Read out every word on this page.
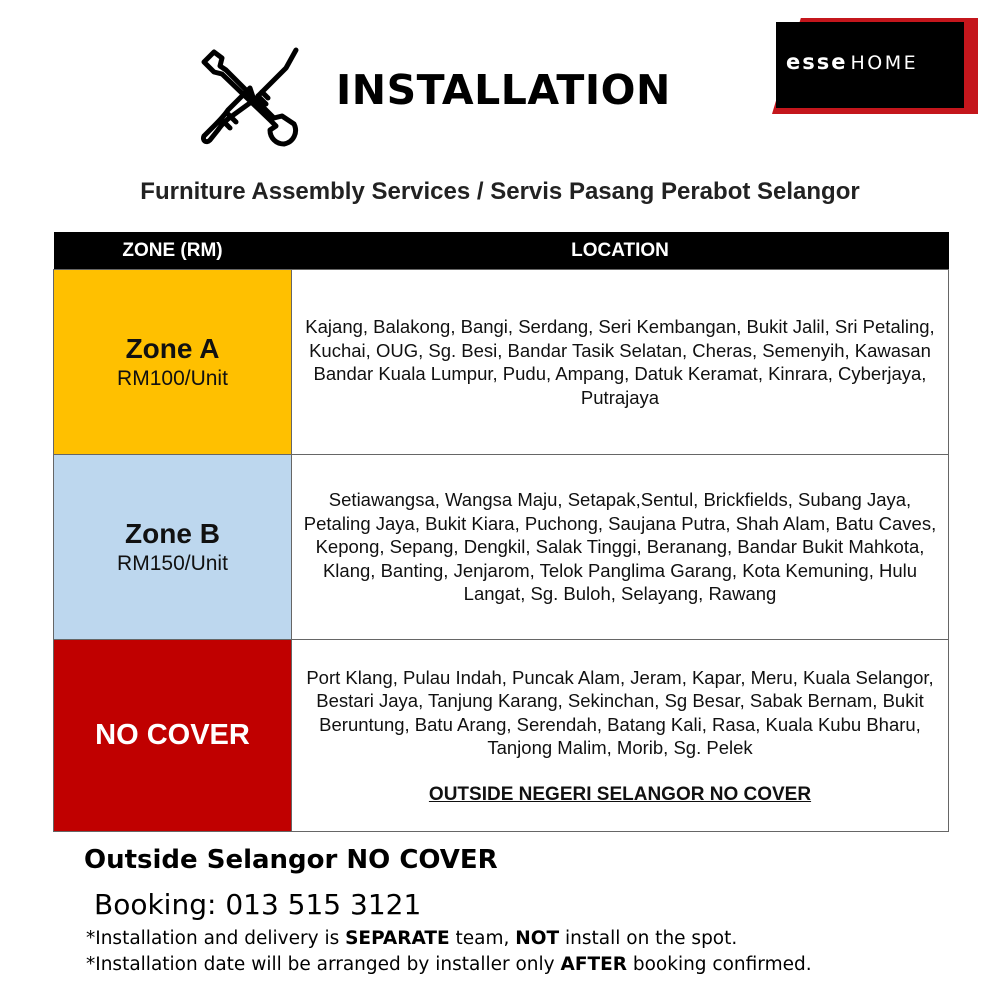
INSTALLATION
esse HOME
Furniture Assembly Services / Servis Pasang Perabot Selangor
ZONE (RM)	LOCATION

Zone A
RM100/Unit	Kajang, Balakong, Bangi, Serdang, Seri Kembangan, Bukit Jalil, Sri Petaling, Kuchai, OUG, Sg. Besi, Bandar Tasik Selatan, Cheras, Semenyih, Kawasan Bandar Kuala Lumpur, Pudu, Ampang, Datuk Keramat, Kinrara, Cyberjaya, Putrajaya

Zone B
RM150/Unit	Setiawangsa, Wangsa Maju, Setapak,Sentul, Brickfields, Subang Jaya, Petaling Jaya, Bukit Kiara, Puchong, Saujana Putra, Shah Alam, Batu Caves, Kepong, Sepang, Dengkil, Salak Tinggi, Beranang, Bandar Bukit Mahkota, Klang, Banting, Jenjarom, Telok Panglima Garang, Kota Kemuning, Hulu Langat, Sg. Buloh, Selayang, Rawang

NO COVER	Port Klang, Pulau Indah, Puncak Alam, Jeram, Kapar, Meru, Kuala Selangor, Bestari Jaya, Tanjung Karang, Sekinchan, Sg Besar, Sabak Bernam, Bukit Beruntung, Batu Arang, Serendah, Batang Kali, Rasa, Kuala Kubu Bharu, Tanjong Malim, Morib, Sg. Pelek
OUTSIDE NEGERI SELANGOR NO COVER
Outside Selangor NO COVER
Booking: 013 515 3121
*Installation and delivery is SEPARATE team, NOT install on the spot.
*Installation date will be arranged by installer only AFTER booking confirmed.
